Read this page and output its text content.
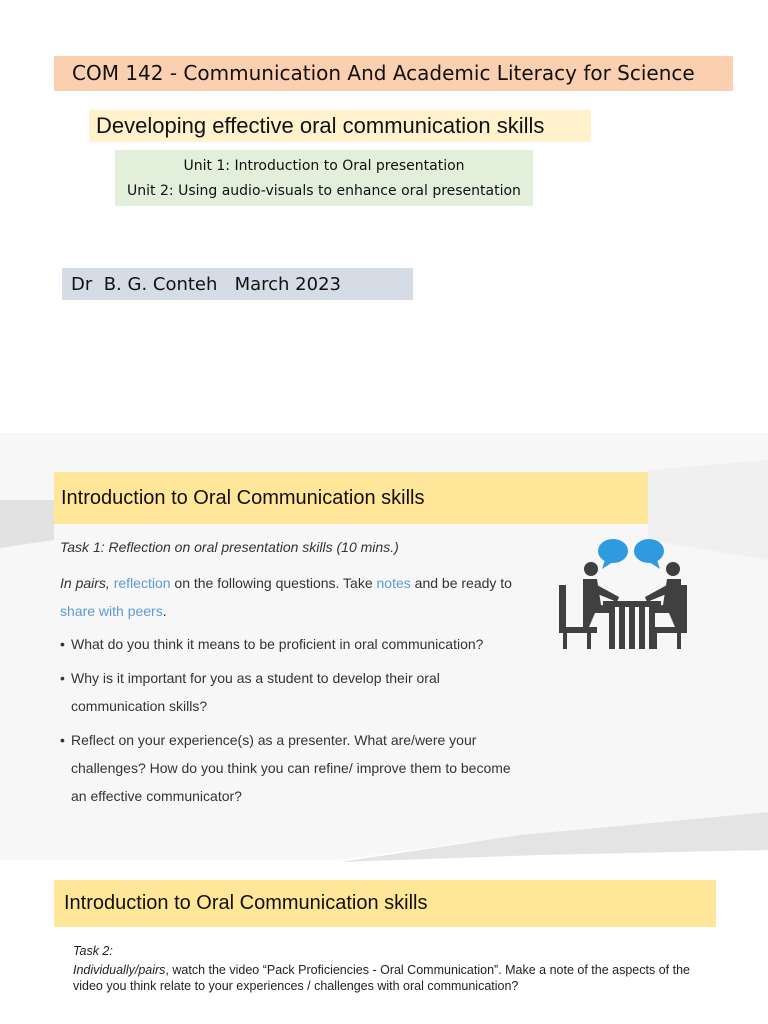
COM 142 - Communication And Academic Literacy for Science
Developing effective oral communication skills
Unit 1: Introduction to Oral presentation
Unit 2: Using audio-visuals to enhance oral presentation
Dr  B. G. Conteh   March 2023
Introduction to Oral Communication skills
Task 1: Reflection on oral presentation skills (10 mins.)
In pairs, reflection on the following questions. Take notes and be ready to share with peers.
• What do you think it means to be proficient in oral communication?
• Why is it important for you as a student to develop their oral communication skills?
• Reflect on your experience(s) as a presenter. What are/were your challenges? How do you think you can refine/ improve them to become an effective communicator?
Introduction to Oral Communication skills
Task 2:
Individually/pairs, watch the video “Pack Proficiencies - Oral Communication”. Make a note of the aspects of the video you think relate to your experiences / challenges with oral communication?
